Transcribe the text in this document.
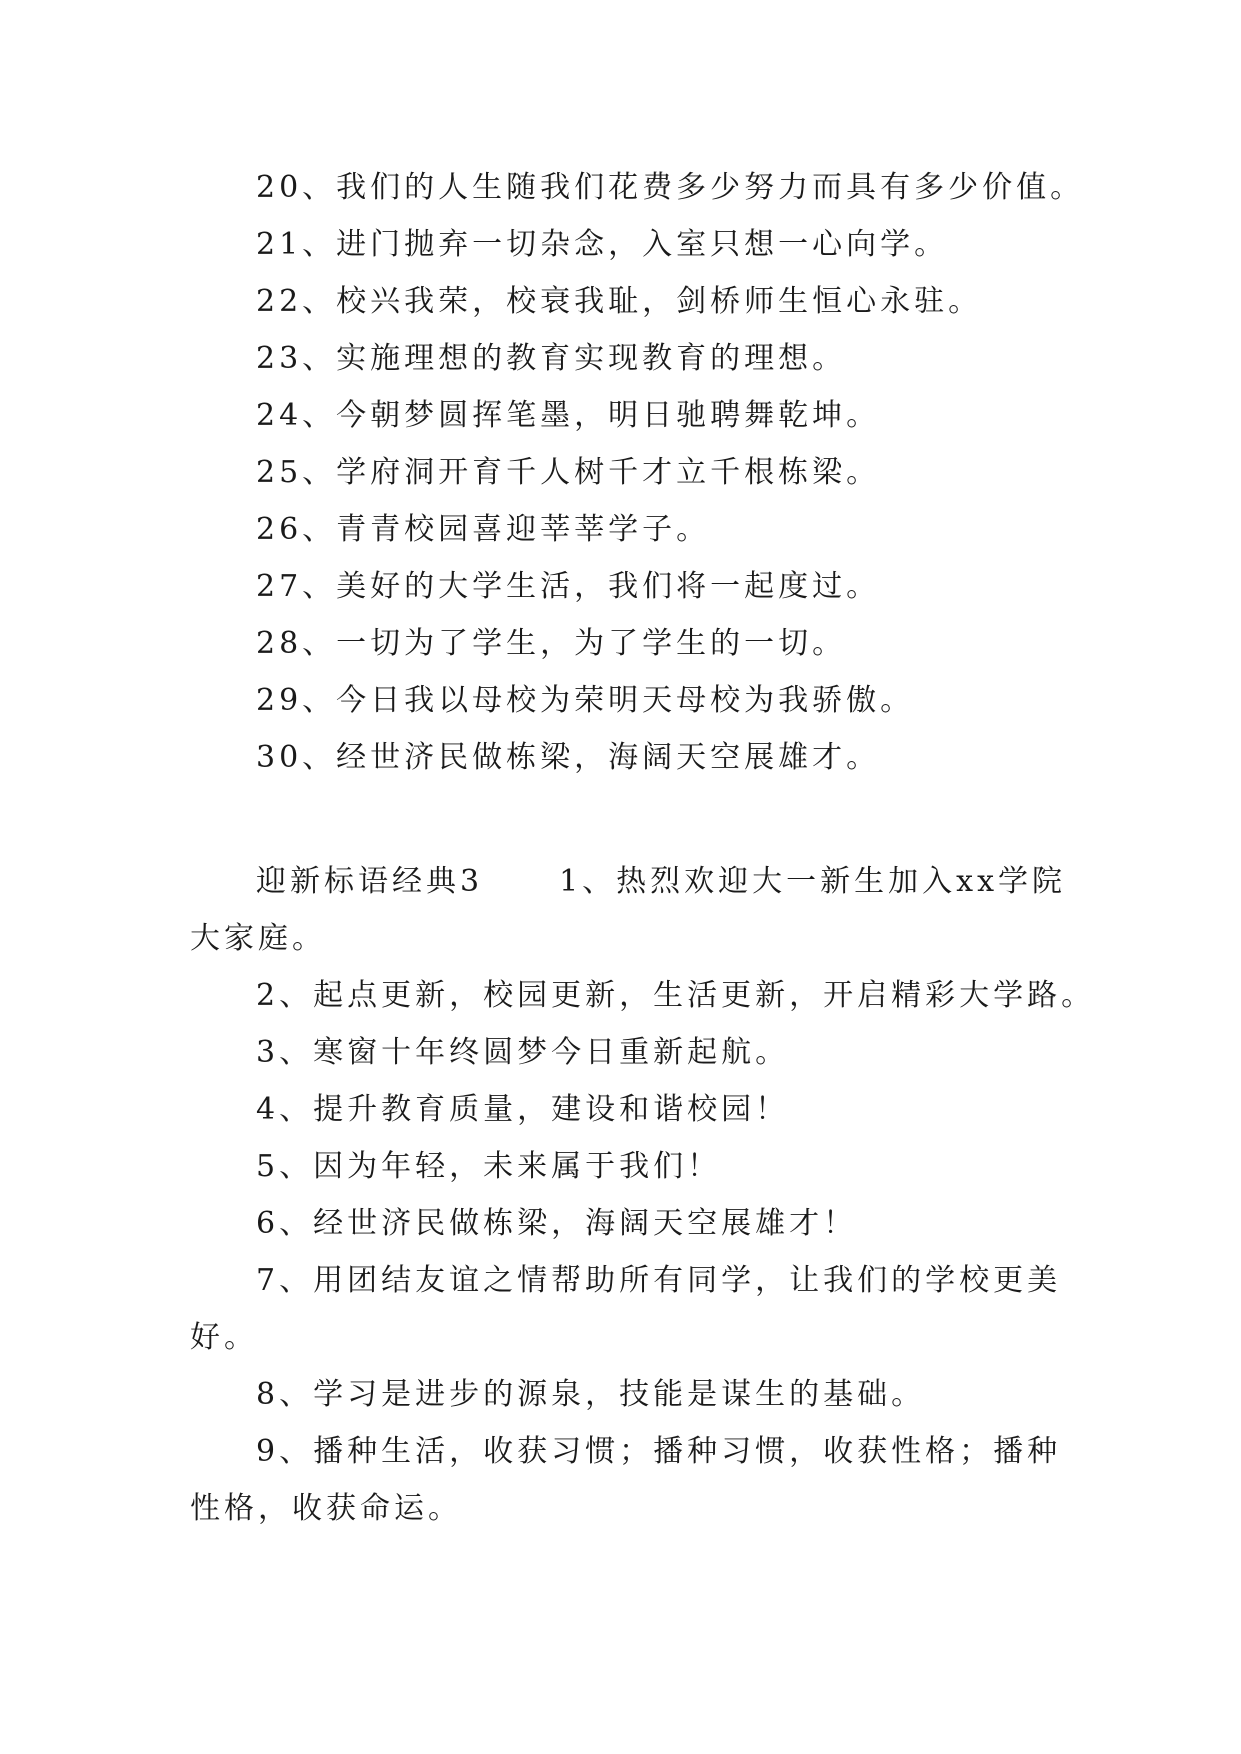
20、我们的人生随我们花费多少努力而具有多少价值。
21、进门抛弃一切杂念，入室只想一心向学。
22、校兴我荣，校衰我耻，剑桥师生恒心永驻。
23、实施理想的教育实现教育的理想。
24、今朝梦圆挥笔墨，明日驰聘舞乾坤。
25、学府洞开育千人树千才立千根栋梁。
26、青青校园喜迎莘莘学子。
27、美好的大学生活，我们将一起度过。
28、一切为了学生，为了学生的一切。
29、今日我以母校为荣明天母校为我骄傲。
30、经世济民做栋梁，海阔天空展雄才。
迎新标语经典3	1、热烈欢迎大一新生加入xx学院
大家庭。
2、起点更新，校园更新，生活更新，开启精彩大学路。
3、寒窗十年终圆梦今日重新起航。
4、提升教育质量，建设和谐校园！
5、因为年轻，未来属于我们！
6、经世济民做栋梁，海阔天空展雄才！
7、用团结友谊之情帮助所有同学，让我们的学校更美
好。
8、学习是进步的源泉，技能是谋生的基础。
9、播种生活，收获习惯；播种习惯，收获性格；播种
性格，收获命运。
